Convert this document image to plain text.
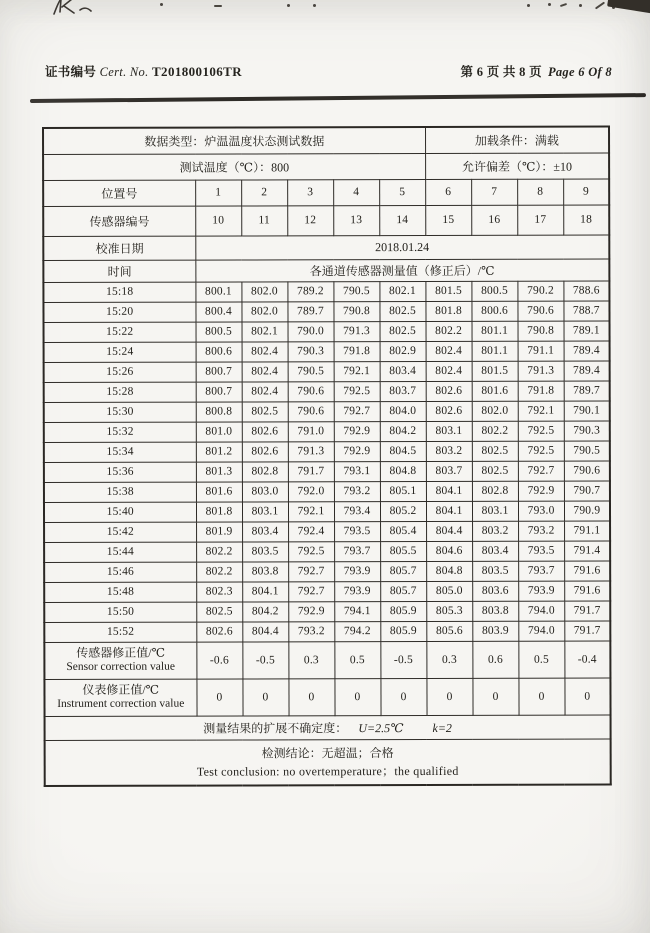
证书编号 Cert. No. T201800106TR	第 6 页 共 8 页 Page 6 Of 8
数据类型：炉温温度状态测试数据						加载条件：满载			
测试温度（℃）：800						允许偏差（℃）：±10			
位置号	1	2	3	4	5	6	7	8	9
传感器编号	10	11	12	13	14	15	16	17	18
校准日期	2018.01.24								
时间	各通道传感器测量值（修正后）/℃								
15:18	800.1	802.0	789.2	790.5	802.1	801.5	800.5	790.2	788.6
15:20	800.4	802.0	789.7	790.8	802.5	801.8	800.6	790.6	788.7
15:22	800.5	802.1	790.0	791.3	802.5	802.2	801.1	790.8	789.1
15:24	800.6	802.4	790.3	791.8	802.9	802.4	801.1	791.1	789.4
15:26	800.7	802.4	790.5	792.1	803.4	802.4	801.5	791.3	789.4
15:28	800.7	802.4	790.6	792.5	803.7	802.6	801.6	791.8	789.7
15:30	800.8	802.5	790.6	792.7	804.0	802.6	802.0	792.1	790.1
15:32	801.0	802.6	791.0	792.9	804.2	803.1	802.2	792.5	790.3
15:34	801.2	802.6	791.3	792.9	804.5	803.2	802.5	792.5	790.5
15:36	801.3	802.8	791.7	793.1	804.8	803.7	802.5	792.7	790.6
15:38	801.6	803.0	792.0	793.2	805.1	804.1	802.8	792.9	790.7
15:40	801.8	803.1	792.1	793.4	805.2	804.1	803.1	793.0	790.9
15:42	801.9	803.4	792.4	793.5	805.4	804.4	803.2	793.2	791.1
15:44	802.2	803.5	792.5	793.7	805.5	804.6	803.4	793.5	791.4
15:46	802.2	803.8	792.7	793.9	805.7	804.8	803.5	793.7	791.6
15:48	802.3	804.1	792.7	793.9	805.7	805.0	803.6	793.9	791.6
15:50	802.5	804.2	792.9	794.1	805.9	805.3	803.8	794.0	791.7
15:52	802.6	804.4	793.2	794.2	805.9	805.6	803.9	794.0	791.7

传感器修正值/℃
Sensor correction value	-0.6	-0.5	0.3	0.5	-0.5	0.3	0.6	0.5	-0.4

仪表修正值/℃
Instrument correction value	0	0	0	0	0	0	0	0	0
测量结果的扩展不确定度： U=2.5℃ k=2									

检测结论：无超温；合格
Test conclusion: no overtemperature；the qualified									
